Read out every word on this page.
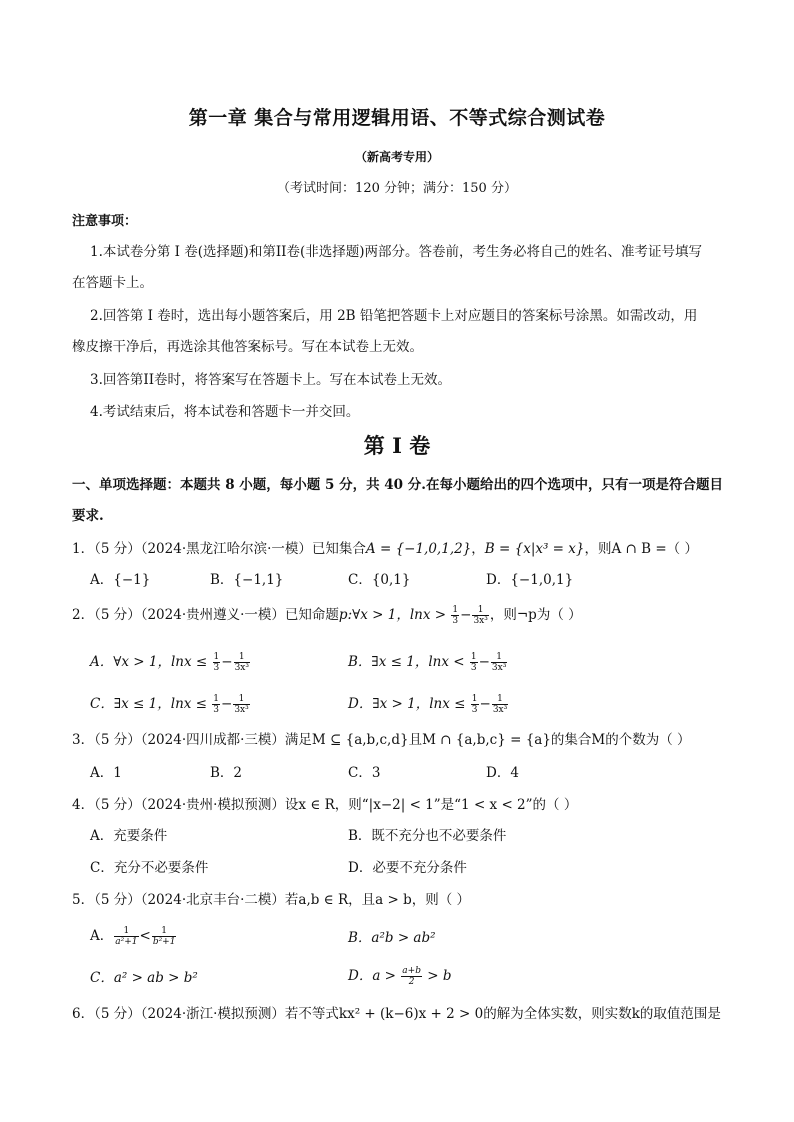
第一章 集合与常用逻辑用语、不等式综合测试卷
（新高考专用）
（考试时间：120 分钟；满分：150 分）
注意事项：
1.本试卷分第 I 卷(选择题)和第II卷(非选择题)两部分。答卷前，考生务必将自己的姓名、准考证号填写
在答题卡上。
2.回答第 I 卷时，选出每小题答案后，用 2B 铅笔把答题卡上对应题目的答案标号涂黑。如需改动，用
橡皮擦干净后，再选涂其他答案标号。写在本试卷上无效。
3.回答第II卷时，将答案写在答题卡上。写在本试卷上无效。
4.考试结束后，将本试卷和答题卡一并交回。
第 I 卷
一、单项选择题：本题共 8 小题，每小题 5 分，共 40 分.在每小题给出的四个选项中，只有一项是符合题目
要求.
1．（5 分）（2024·黑龙江哈尔滨·一模）已知集合A = {−1,0,1,2}，B = {x|x³ = x}，则A ∩ B =（ ）
A．{−1}	B．{−1,1}	C．{0,1}	D．{−1,0,1}
2．（5 分）（2024·贵州遵义·一模）已知命题p:∀x > 1，$\ln x > \frac{1}{3} - \frac{1}{\text{3x³}}$ ，则¬p为（ ）
A．∀x > 1，$\ln x \le \frac{1}{3} - \frac{1}{\text{3x³}}$	B．∃x ≤ 1，$\ln x < \frac{1}{3} - \frac{1}{\text{3x³}}$
C．∃x ≤ 1，$\ln x \le \frac{1}{3} - \frac{1}{\text{3x³}}$	D．∃x > 1，$\ln x \le \frac{1}{3} - \frac{1}{\text{3x³}}$
3．（5 分）（2024·四川成都·三模）满足M ⊆ {a,b,c,d}且M ∩ {a,b,c} = {a}的集合M的个数为（ ）
A．1	B．2	C．3	D．4
4．（5 分）（2024·贵州·模拟预测）设x ∈ R，则“|x−2| < 1”是“1 < x < 2”的（ ）
A．充要条件	B．既不充分也不必要条件
C．充分不必要条件	D．必要不充分条件
5．（5 分）（2024·北京丰台·二模）若a,b ∈ R，且a > b，则（ ）
A． $\frac{1}{\text{a²+1}} < \frac{1}{\text{b²+1}}$	B．a²b > ab²
C．a² > ab > b²	D．$a > \frac{a+b}{2} > b$
6．（5 分）（2024·浙江·模拟预测）若不等式kx² + (k−6)x + 2 > 0的解为全体实数，则实数k的取值范围是
